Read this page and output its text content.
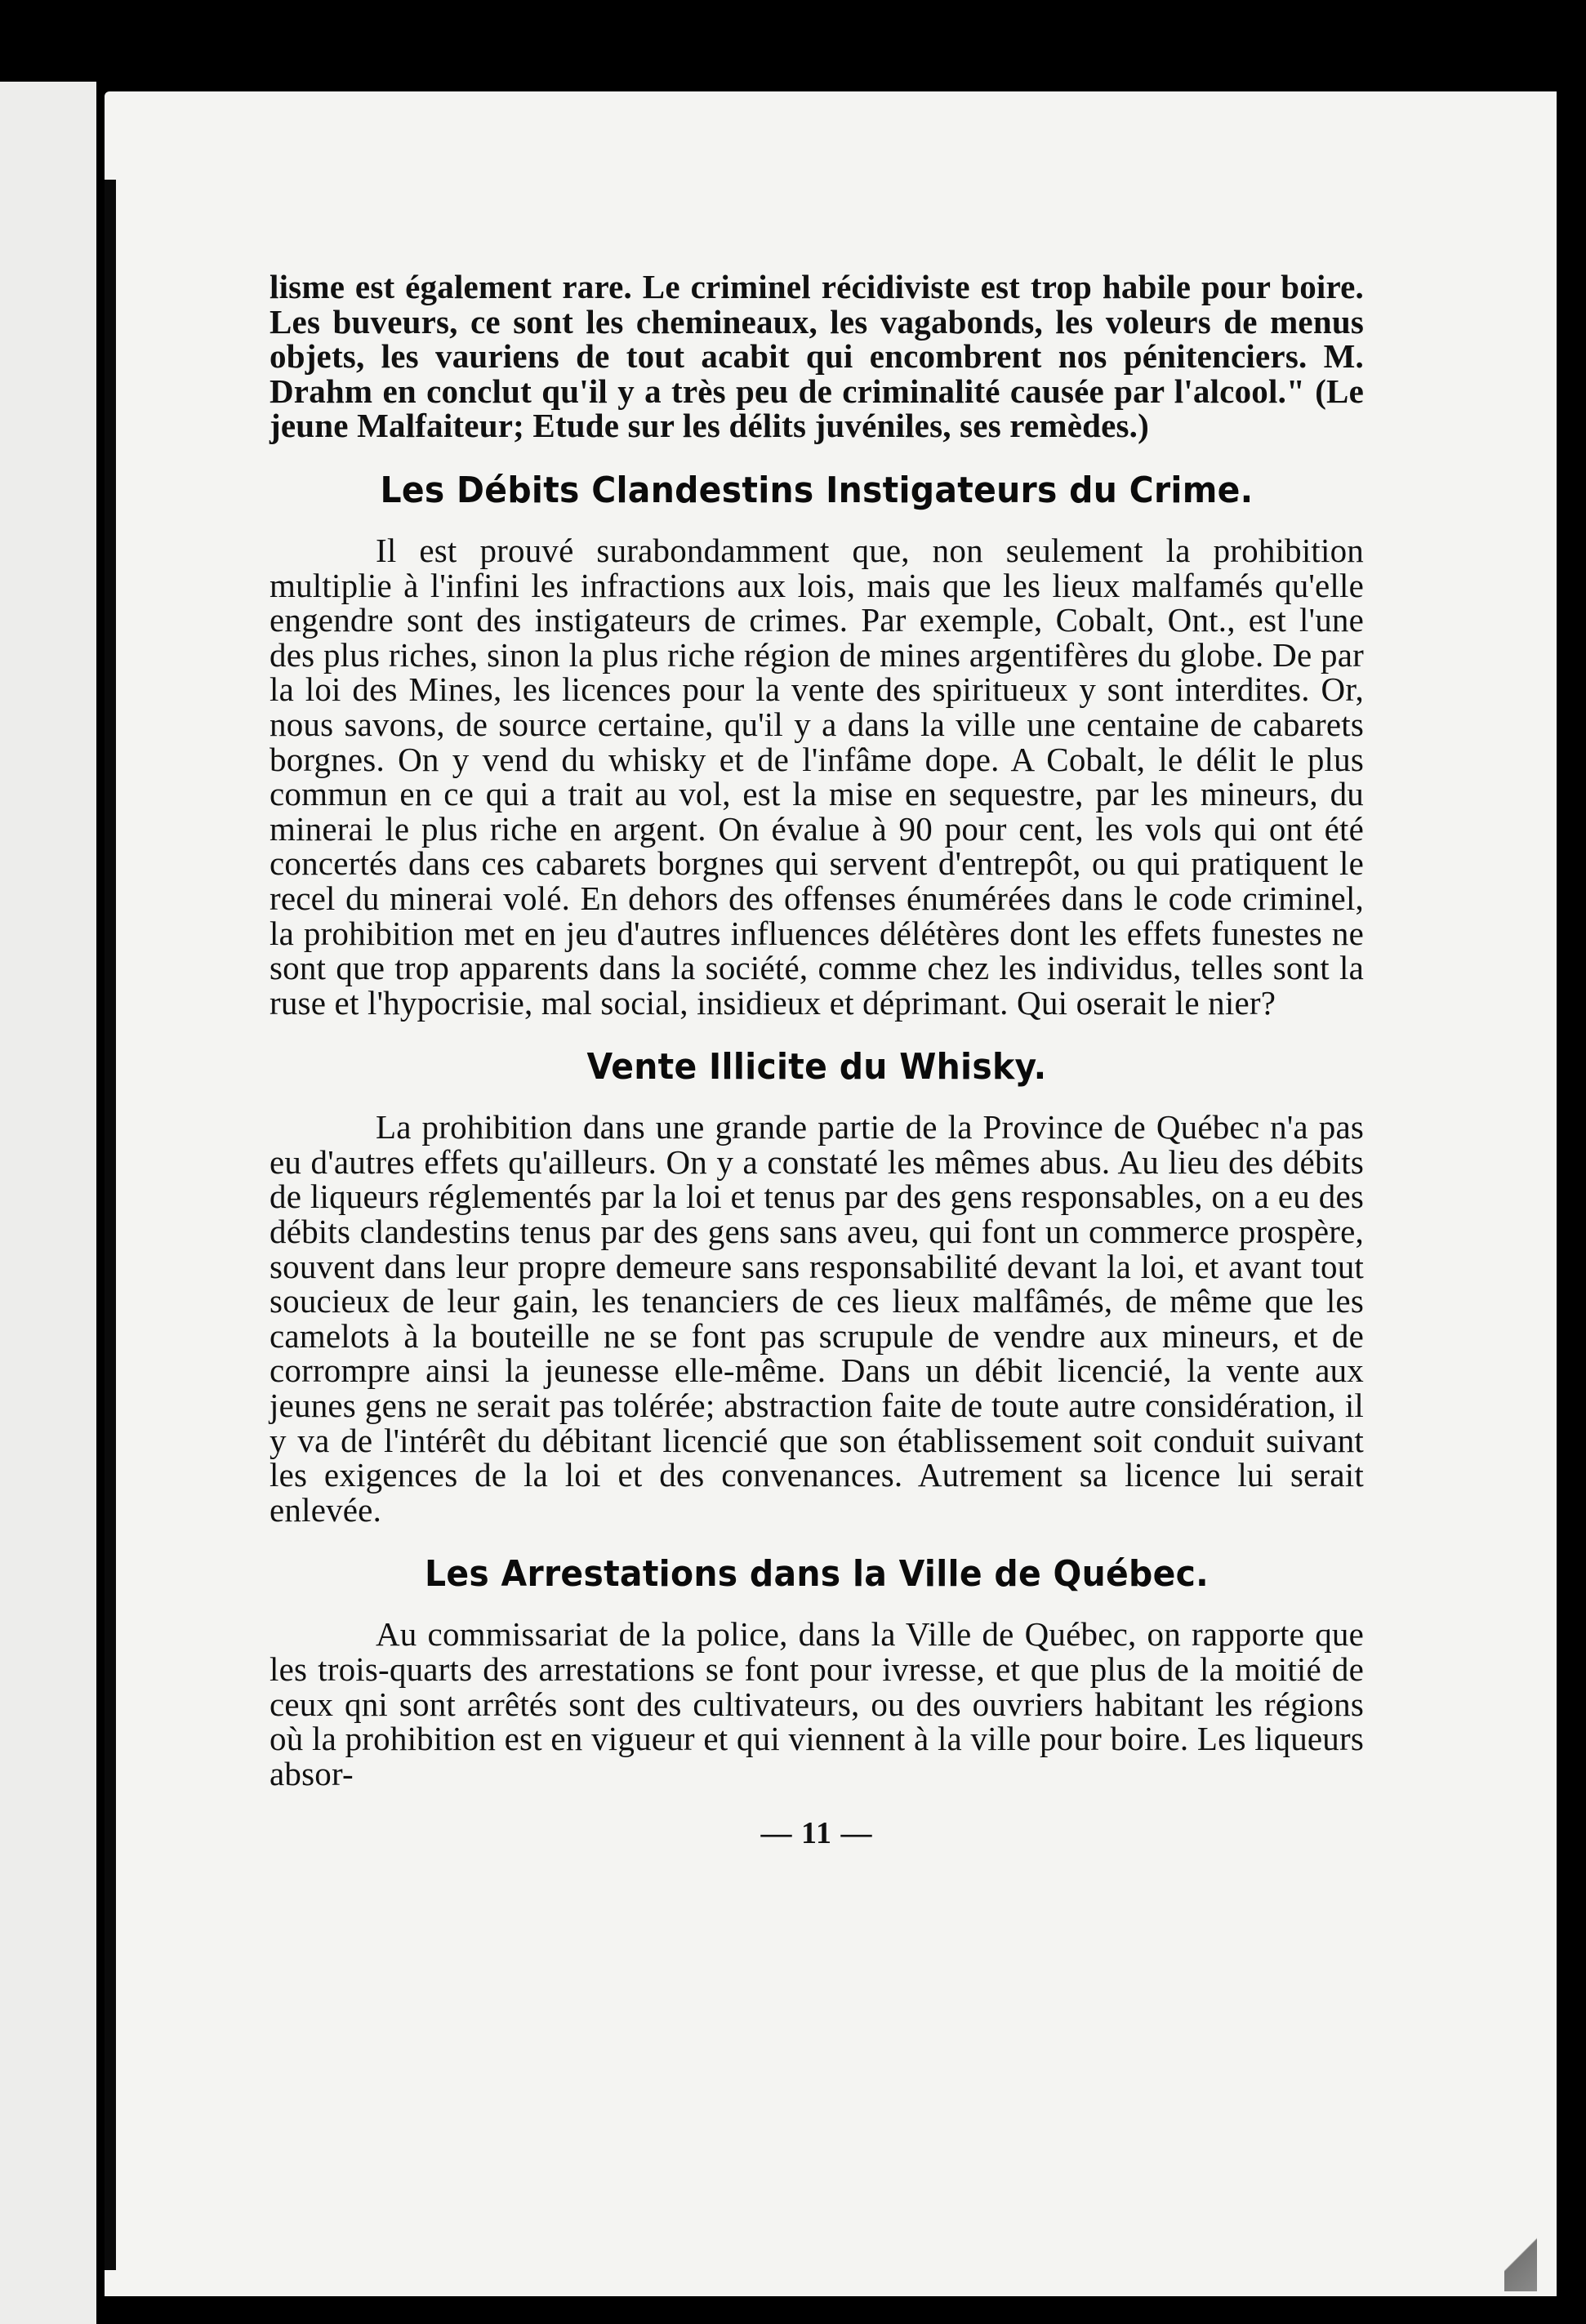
lisme est également rare. Le criminel récidiviste est trop habile pour boire. Les buveurs, ce sont les chemineaux, les vagabonds, les voleurs de menus objets, les vauriens de tout acabit qui encombrent nos pénitenciers. M. Drahm en conclut qu'il y a très peu de criminalité causée par l'alcool." (Le jeune Malfaiteur; Etude sur les délits juvéniles, ses remèdes.)

Les Débits Clandestins Instigateurs du Crime.

Il est prouvé surabondamment que, non seulement la prohibition multiplie à l'infini les infractions aux lois, mais que les lieux malfamés qu'elle engendre sont des instigateurs de crimes. Par exemple, Cobalt, Ont., est l'une des plus riches, sinon la plus riche région de mines argentifères du globe. De par la loi des Mines, les licences pour la vente des spiritueux y sont interdites. Or, nous savons, de source certaine, qu'il y a dans la ville une centaine de cabarets borgnes. On y vend du whisky et de l'infâme dope. A Cobalt, le délit le plus commun en ce qui a trait au vol, est la mise en sequestre, par les mineurs, du minerai le plus riche en argent. On évalue à 90 pour cent, les vols qui ont été concertés dans ces cabarets borgnes qui servent d'entrepôt, ou qui pratiquent le recel du minerai volé. En dehors des offenses énumérées dans le code criminel, la prohibition met en jeu d'autres influences délétères dont les effets funestes ne sont que trop apparents dans la société, comme chez les individus, telles sont la ruse et l'hypocrisie, mal social, insidieux et déprimant. Qui oserait le nier?

Vente Illicite du Whisky.

La prohibition dans une grande partie de la Province de Québec n'a pas eu d'autres effets qu'ailleurs. On y a constaté les mêmes abus. Au lieu des débits de liqueurs réglementés par la loi et tenus par des gens responsables, on a eu des débits clandestins tenus par des gens sans aveu, qui font un commerce prospère, souvent dans leur propre demeure sans responsabilité devant la loi, et avant tout soucieux de leur gain, les tenanciers de ces lieux malfâmés, de même que les camelots à la bouteille ne se font pas scrupule de vendre aux mineurs, et de corrompre ainsi la jeunesse elle-même. Dans un débit licencié, la vente aux jeunes gens ne serait pas tolérée; abstraction faite de toute autre considération, il y va de l'intérêt du débitant licencié que son établissement soit conduit suivant les exigences de la loi et des convenances. Autrement sa licence lui serait enlevée.

Les Arrestations dans la Ville de Québec.

Au commissariat de la police, dans la Ville de Québec, on rapporte que les trois-quarts des arrestations se font pour ivresse, et que plus de la moitié de ceux qni sont arrêtés sont des cultivateurs, ou des ouvriers habitant les régions où la prohibition est en vigueur et qui viennent à la ville pour boire. Les liqueurs absor-

— 11 —
